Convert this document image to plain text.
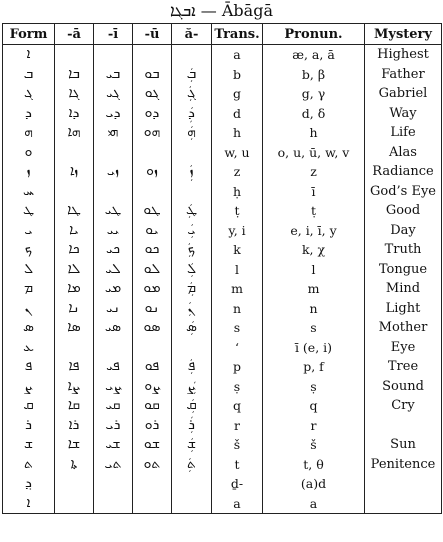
ܐܒܓܐ — Ābāgā
Form	-ā	-ī	-ū	ă-	Trans.	Pronun.	Mystery
ܐ					a	æ, a, ā	Highest
ܒ	ܒܐ	ܒܝ	ܒܘ	ܒܲ	b	b, β	Father
ܓ	ܓܐ	ܓܝ	ܓܘ	ܓܲ	g	g, γ	Gabriel
ܕ	ܕܐ	ܕܝ	ܕܘ	ܕܲ	d	d, δ	Way
ܗ	ܗܐ	ܗܝ	ܗܘ	ܗܲ	h	h	Life
ܘ					w, u	o, u, ū, w, v	Alas
ܙ	ܙܐ	ܙܝ	ܙܘ	ܙܲ	z	z	Radiance
ܚ					ḥ	ī	God’s Eye
ܛ	ܛܐ	ܛܝ	ܛܘ	ܛܲ	ṭ	ṭ	Good
ܝ	ܝܐ	ܝܝ	ܝܘ	ܝܲ	y, i	e, i, ī, y	Day
ܟ	ܟܐ	ܟܝ	ܟܘ	ܟܲ	k	k, χ	Truth
ܠ	ܠܐ	ܠܝ	ܠܘ	ܠܲ	l	l	Tongue
ܡ	ܡܐ	ܡܝ	ܡܘ	ܡܲ	m	m	Mind
ܢ	ܢܐ	ܢܝ	ܢܘ	ܢܲ	n	n	Light
ܣ	ܣܐ	ܣܝ	ܣܘ	ܣܲ	s	s	Mother
ܥ					‘	ī (e, i)	Eye
ܦ	ܦܐ	ܦܝ	ܦܘ	ܦܲ	p	p, f	Tree
ܨ	ܨܐ	ܨܝ	ܨܘ	ܨܲ	ṣ	ṣ	Sound
ܩ	ܩܐ	ܩܝ	ܩܘ	ܩܲ	q	q	Cry
ܪ	ܪܐ	ܪܝ	ܪܘ	ܪܲ	r	r	
ܫ	ܫܐ	ܫܝ	ܫܘ	ܫܲ	š	š	Sun
ܬ	ܬܐ	ܬܝ	ܬܘ	ܬܲ	t	t, θ	Penitence
ܕ݂					ḏ-	(a)d	
ܐ					a	a	
